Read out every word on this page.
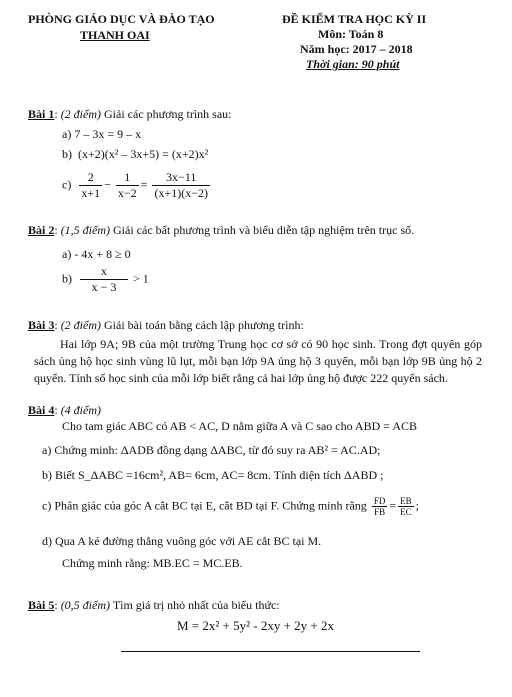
PHÒNG GIÁO DỤC VÀ ĐÀO TẠO
THANH OAI
ĐỀ KIỂM TRA HỌC KỲ II
Môn: Toán 8
Năm học: 2017 – 2018
Thời gian: 90 phút
Bài 1: (2 điểm) Giải các phương trình sau:
a) 7 – 3x = 9 – x
b) (x+2)(x² – 3x+5) = (x+2)x²
$c) \frac{2}{x+1} - \frac{1}{x-2} = \frac{3x-11}{(x+1)(x-2)}$
Bài 2: (1,5 điểm) Giải các bất phương trình và biểu diễn tập nghiệm trên trục số.
a) - 4x + 8 ≥ 0
$b) \frac{x}{x - 3} > 1$
Bài 3: (2 điểm) Giải bài toán bằng cách lập phương trình:
Hai lớp 9A; 9B của một trường Trung học cơ sở có 90 học sinh. Trong đợt quyên góp sách ủng hộ học sinh vùng lũ lụt, mỗi bạn lớp 9A ủng hộ 3 quyển, mỗi bạn lớp 9B ủng hộ 2 quyển. Tính số học sinh của mỗi lớp biết rằng cả hai lớp ủng hộ được 222 quyển sách.
Bài 4: (4 điểm)
Cho tam giác ABC có AB < AC, D nằm giữa A và C sao cho ABD = ACB
a) Chứng minh: ΔADB đồng dạng ΔABC, từ đó suy ra AB² = AC.AD;
b) Biết S_ΔABC =16cm², AB= 6cm, AC= 8cm. Tính diện tích ΔABD ;
c) Phân giác của góc A cắt BC tại E, cắt BD tại F. Chứng minh rằng $\frac{FD}{FB} = \frac{EB}{EC}$ ;
d) Qua A kẻ đường thẳng vuông góc với AE cắt BC tại M.
Chứng minh rằng: MB.EC = MC.EB.
Bài 5: (0,5 điểm) Tìm giá trị nhỏ nhất của biểu thức:
M = 2x² + 5y² - 2xy + 2y + 2x
